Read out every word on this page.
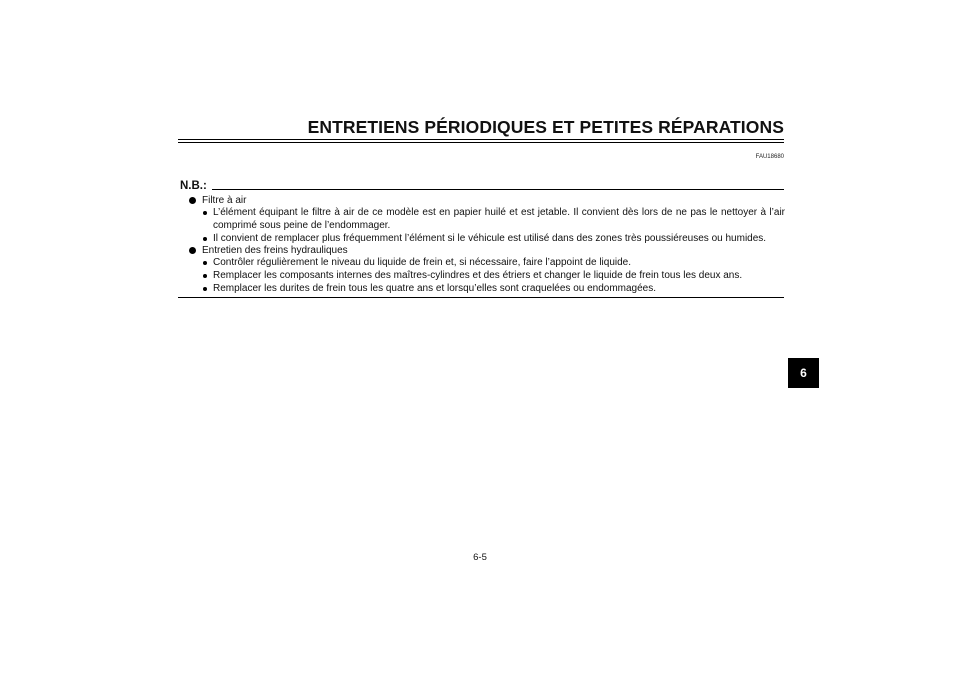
ENTRETIENS PÉRIODIQUES ET PETITES RÉPARATIONS
FAU18680
N.B.:
Filtre à air
L’élément équipant le filtre à air de ce modèle est en papier huilé et est jetable. Il convient dès lors de ne pas le nettoyer à l’air comprimé sous peine de l’endommager.
Il convient de remplacer plus fréquemment l’élément si le véhicule est utilisé dans des zones très poussiéreuses ou humides.
Entretien des freins hydrauliques
Contrôler régulièrement le niveau du liquide de frein et, si nécessaire, faire l’appoint de liquide.
Remplacer les composants internes des maîtres-cylindres et des étriers et changer le liquide de frein tous les deux ans.
Remplacer les durites de frein tous les quatre ans et lorsqu’elles sont craquelées ou endommagées.
6
6-5
